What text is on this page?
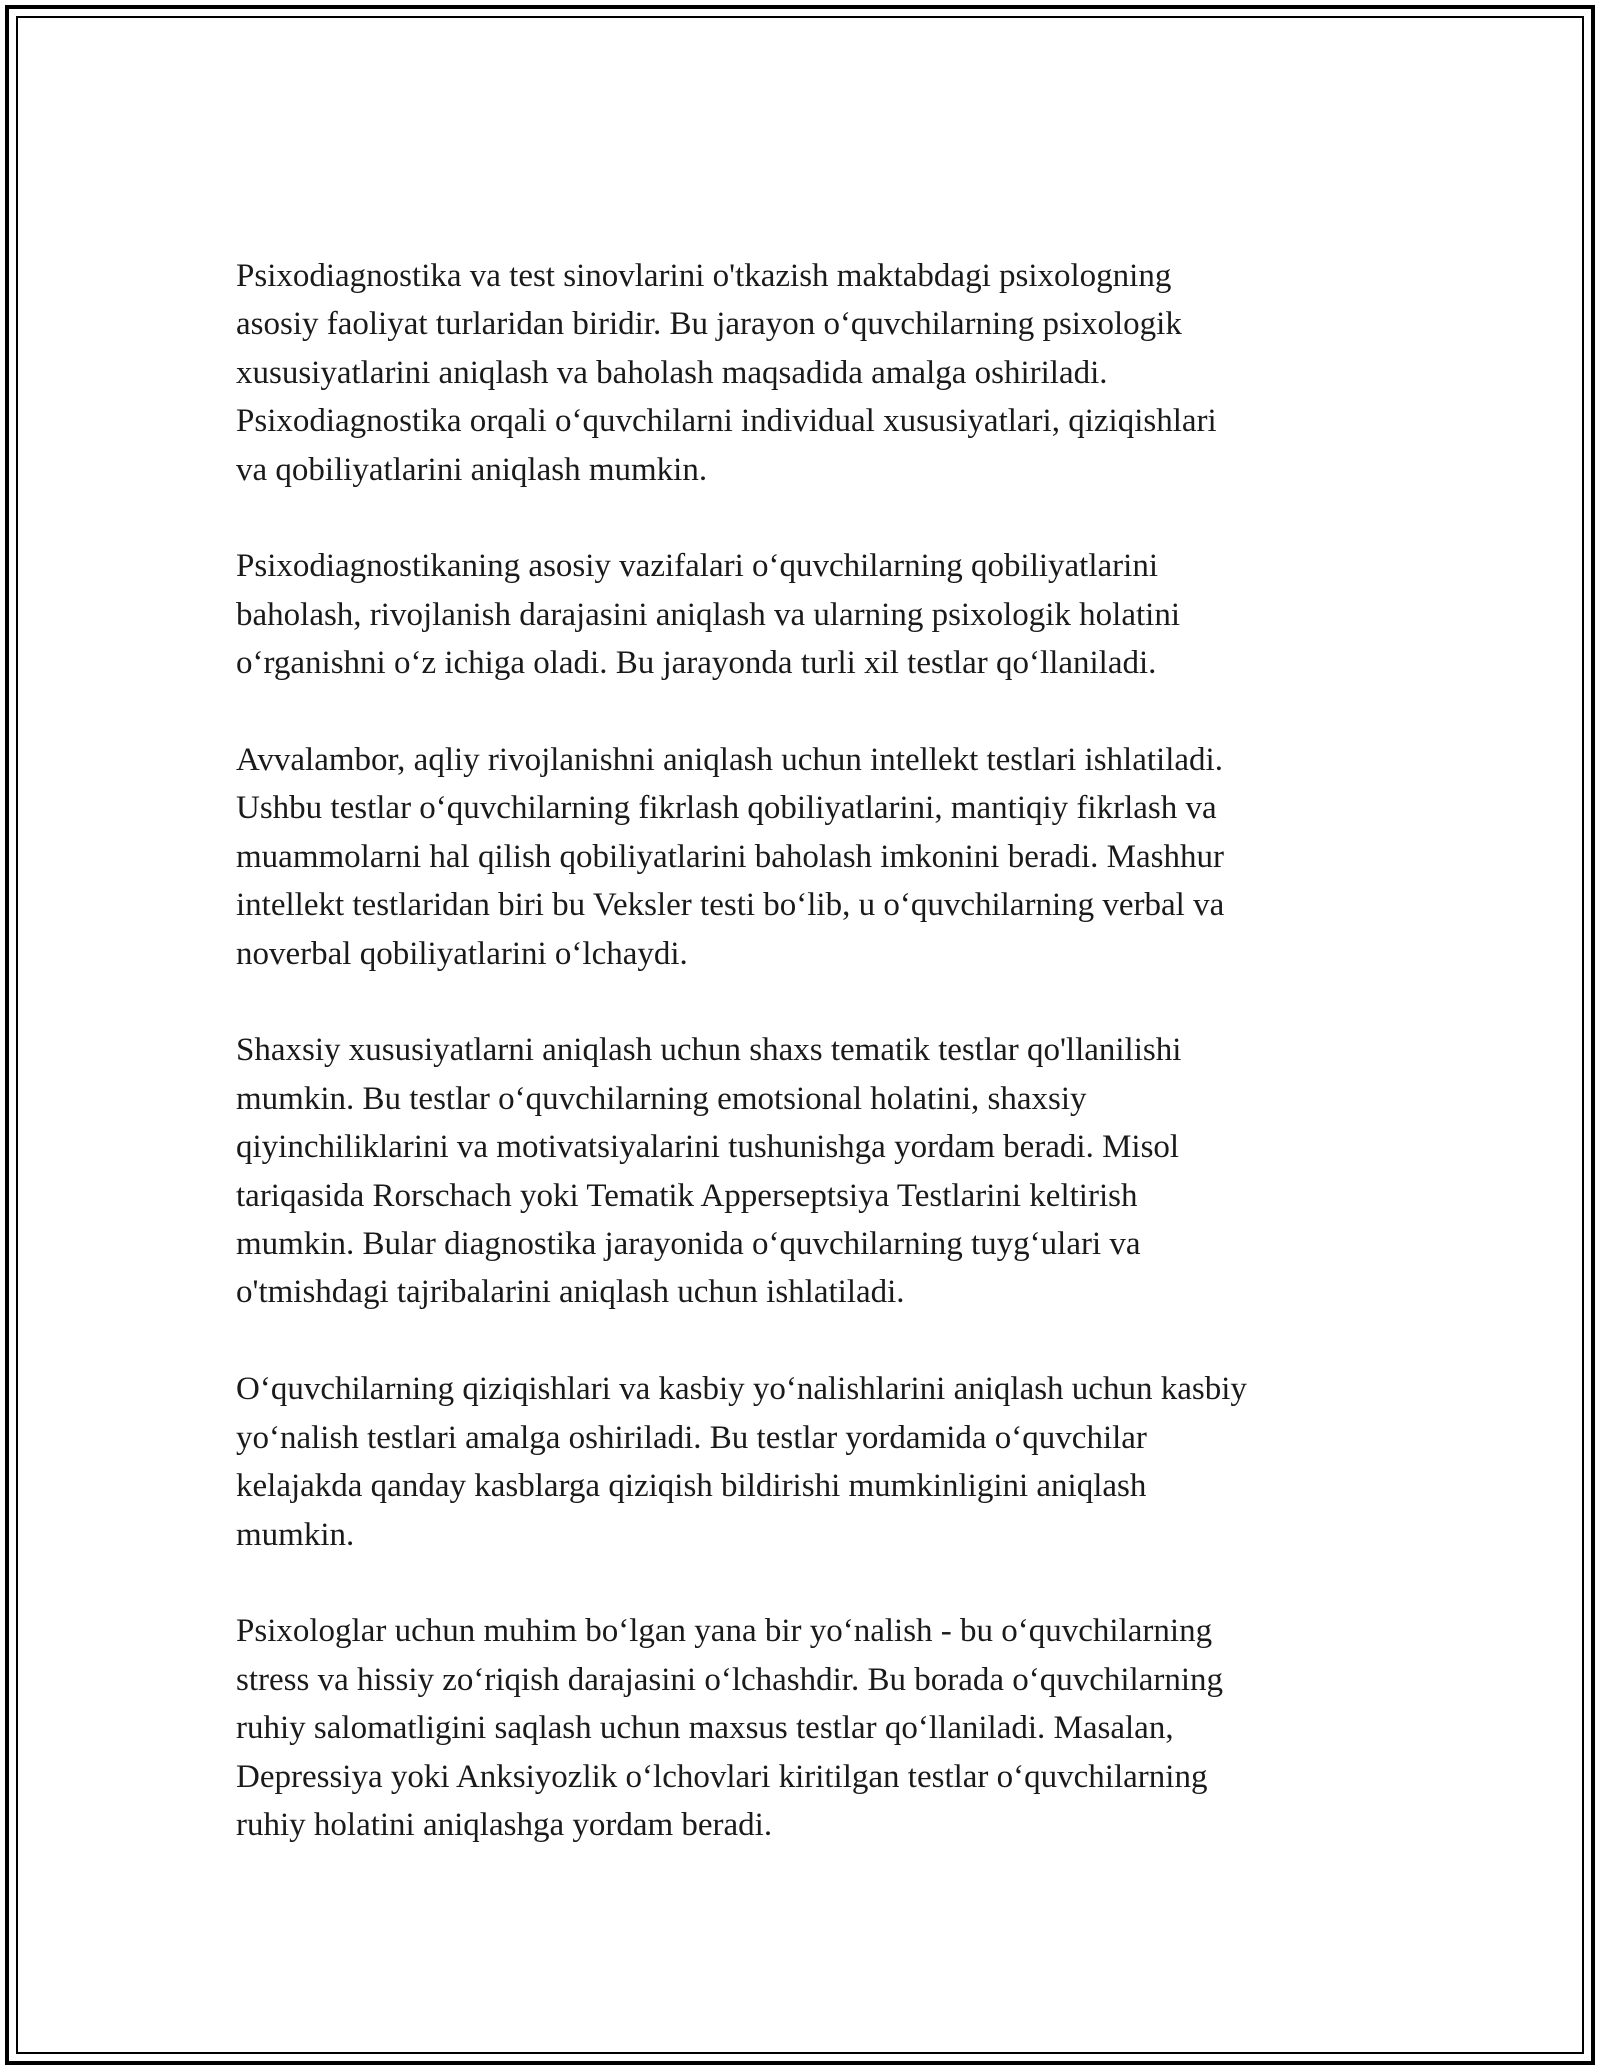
Psixodiagnostika va test sinovlarini o'tkazish maktabdagi psixologning
asosiy faoliyat turlaridan biridir. Bu jarayon o‘quvchilarning psixologik
xususiyatlarini aniqlash va baholash maqsadida amalga oshiriladi.
Psixodiagnostika orqali o‘quvchilarni individual xususiyatlari, qiziqishlari
va qobiliyatlarini aniqlash mumkin.
Psixodiagnostikaning asosiy vazifalari o‘quvchilarning qobiliyatlarini
baholash, rivojlanish darajasini aniqlash va ularning psixologik holatini
o‘rganishni o‘z ichiga oladi. Bu jarayonda turli xil testlar qo‘llaniladi.
Avvalambor, aqliy rivojlanishni aniqlash uchun intellekt testlari ishlatiladi.
Ushbu testlar o‘quvchilarning fikrlash qobiliyatlarini, mantiqiy fikrlash va
muammolarni hal qilish qobiliyatlarini baholash imkonini beradi. Mashhur
intellekt testlaridan biri bu Veksler testi bo‘lib, u o‘quvchilarning verbal va
noverbal qobiliyatlarini o‘lchaydi.
Shaxsiy xususiyatlarni aniqlash uchun shaxs tematik testlar qo'llanilishi
mumkin. Bu testlar o‘quvchilarning emotsional holatini, shaxsiy
qiyinchiliklarini va motivatsiyalarini tushunishga yordam beradi. Misol
tariqasida Rorschach yoki Tematik Apperseptsiya Testlarini keltirish
mumkin. Bular diagnostika jarayonida o‘quvchilarning tuyg‘ulari va
o'tmishdagi tajribalarini aniqlash uchun ishlatiladi.
O‘quvchilarning qiziqishlari va kasbiy yo‘nalishlarini aniqlash uchun kasbiy
yo‘nalish testlari amalga oshiriladi. Bu testlar yordamida o‘quvchilar
kelajakda qanday kasblarga qiziqish bildirishi mumkinligini aniqlash
mumkin.
Psixologlar uchun muhim bo‘lgan yana bir yo‘nalish - bu o‘quvchilarning
stress va hissiy zo‘riqish darajasini o‘lchashdir. Bu borada o‘quvchilarning
ruhiy salomatligini saqlash uchun maxsus testlar qo‘llaniladi. Masalan,
Depressiya yoki Anksiyozlik o‘lchovlari kiritilgan testlar o‘quvchilarning
ruhiy holatini aniqlashga yordam beradi.
